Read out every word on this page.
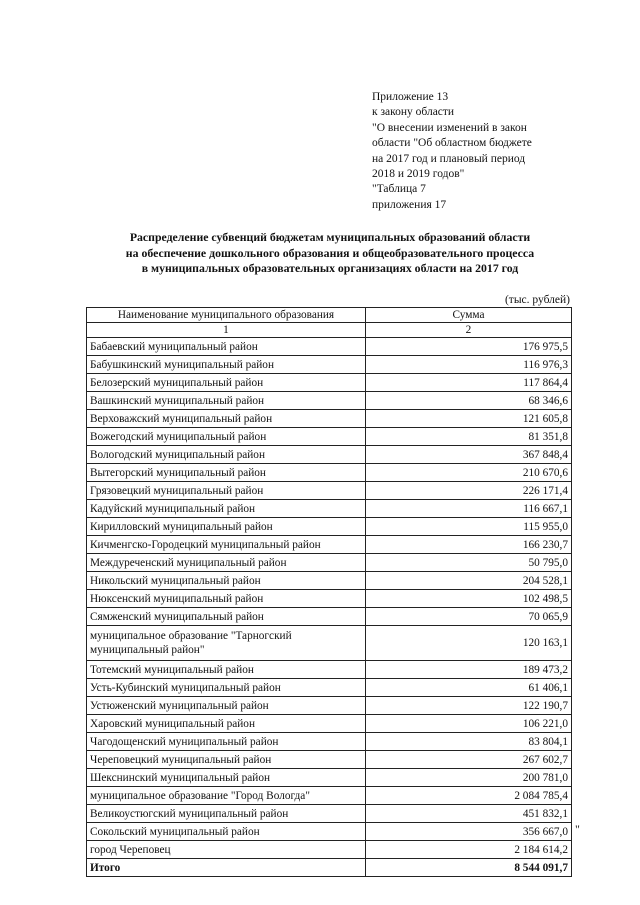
Приложение 13
к закону области
"О внесении изменений в закон
области "Об областном бюджете
на 2017 год и плановый период
2018 и 2019 годов"
"Таблица 7
приложения 17
Распределение субвенций бюджетам муниципальных образований области
на обеспечение дошкольного образования и общеобразовательного процесса
в муниципальных образовательных организациях области на 2017 год
(тыс. рублей)
Наименование муниципального образования	Сумма
1	2
Бабаевский муниципальный район	176 975,5
Бабушкинский муниципальный район	116 976,3
Белозерский муниципальный район	117 864,4
Вашкинский муниципальный район	68 346,6
Верховажский муниципальный район	121 605,8
Вожегодский муниципальный район	81 351,8
Вологодский муниципальный район	367 848,4
Вытегорский муниципальный район	210 670,6
Грязовецкий муниципальный район	226 171,4
Кадуйский муниципальный район	116 667,1
Кирилловский муниципальный район	115 955,0
Кичменгско-Городецкий муниципальный район	166 230,7
Междуреченский муниципальный район	50 795,0
Никольский муниципальный район	204 528,1
Нюксенский муниципальный район	102 498,5
Сямженский муниципальный район	70 065,9
муниципальное образование "Тарногский муниципальный район"	120 163,1
Тотемский муниципальный район	189 473,2
Усть-Кубинский муниципальный район	61 406,1
Устюженский муниципальный район	122 190,7
Харовский муниципальный район	106 221,0
Чагодощенский муниципальный район	83 804,1
Череповецкий муниципальный район	267 602,7
Шекснинский муниципальный район	200 781,0
муниципальное образование "Город Вологда"	2 084 785,4
Великоустюгский муниципальный район	451 832,1
Сокольский муниципальный район	356 667,0
город Череповец	2 184 614,2
Итого	8 544 091,7
"
